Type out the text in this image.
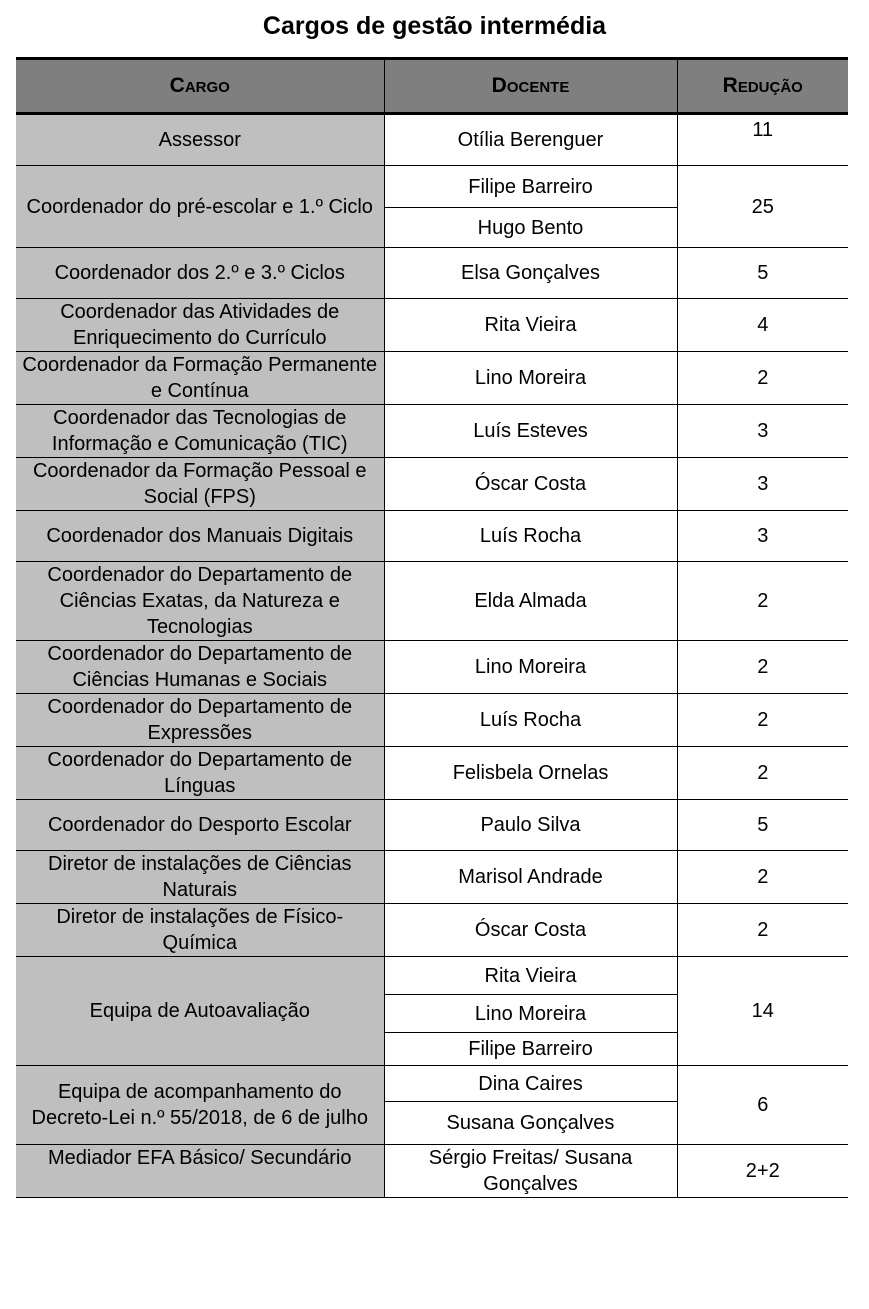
Cargos de gestão intermédia
Cargo	Docente	Redução
Assessor	Otília Berenguer	11
Coordenador do pré-escolar e 1.º Ciclo	Filipe Barreiro	25
	Hugo Bento	
Coordenador dos 2.º e 3.º Ciclos	Elsa Gonçalves	5
Coordenador das Atividades de Enriquecimento do Currículo	Rita Vieira	4
Coordenador da Formação Permanente e Contínua	Lino Moreira	2
Coordenador das Tecnologias de Informação e Comunicação (TIC)	Luís Esteves	3
Coordenador da Formação Pessoal e Social (FPS)	Óscar Costa	3
Coordenador dos Manuais Digitais	Luís Rocha	3
Coordenador do Departamento de Ciências Exatas, da Natureza e Tecnologias	Elda Almada	2
Coordenador do Departamento de Ciências Humanas e Sociais	Lino Moreira	2
Coordenador do Departamento de Expressões	Luís Rocha	2
Coordenador do Departamento de Línguas	Felisbela Ornelas	2
Coordenador do Desporto Escolar	Paulo Silva	5
Diretor de instalações de Ciências Naturais	Marisol Andrade	2
Diretor de instalações de Físico-Química	Óscar Costa	2
Equipa de Autoavaliação	Rita Vieira	14
	Lino Moreira	
	Filipe Barreiro	
Equipa de acompanhamento do Decreto-Lei n.º 55/2018, de 6 de julho	Dina Caires	6
	Susana Gonçalves	
Mediador EFA Básico/ Secundário	Sérgio Freitas/ Susana Gonçalves	2+2
